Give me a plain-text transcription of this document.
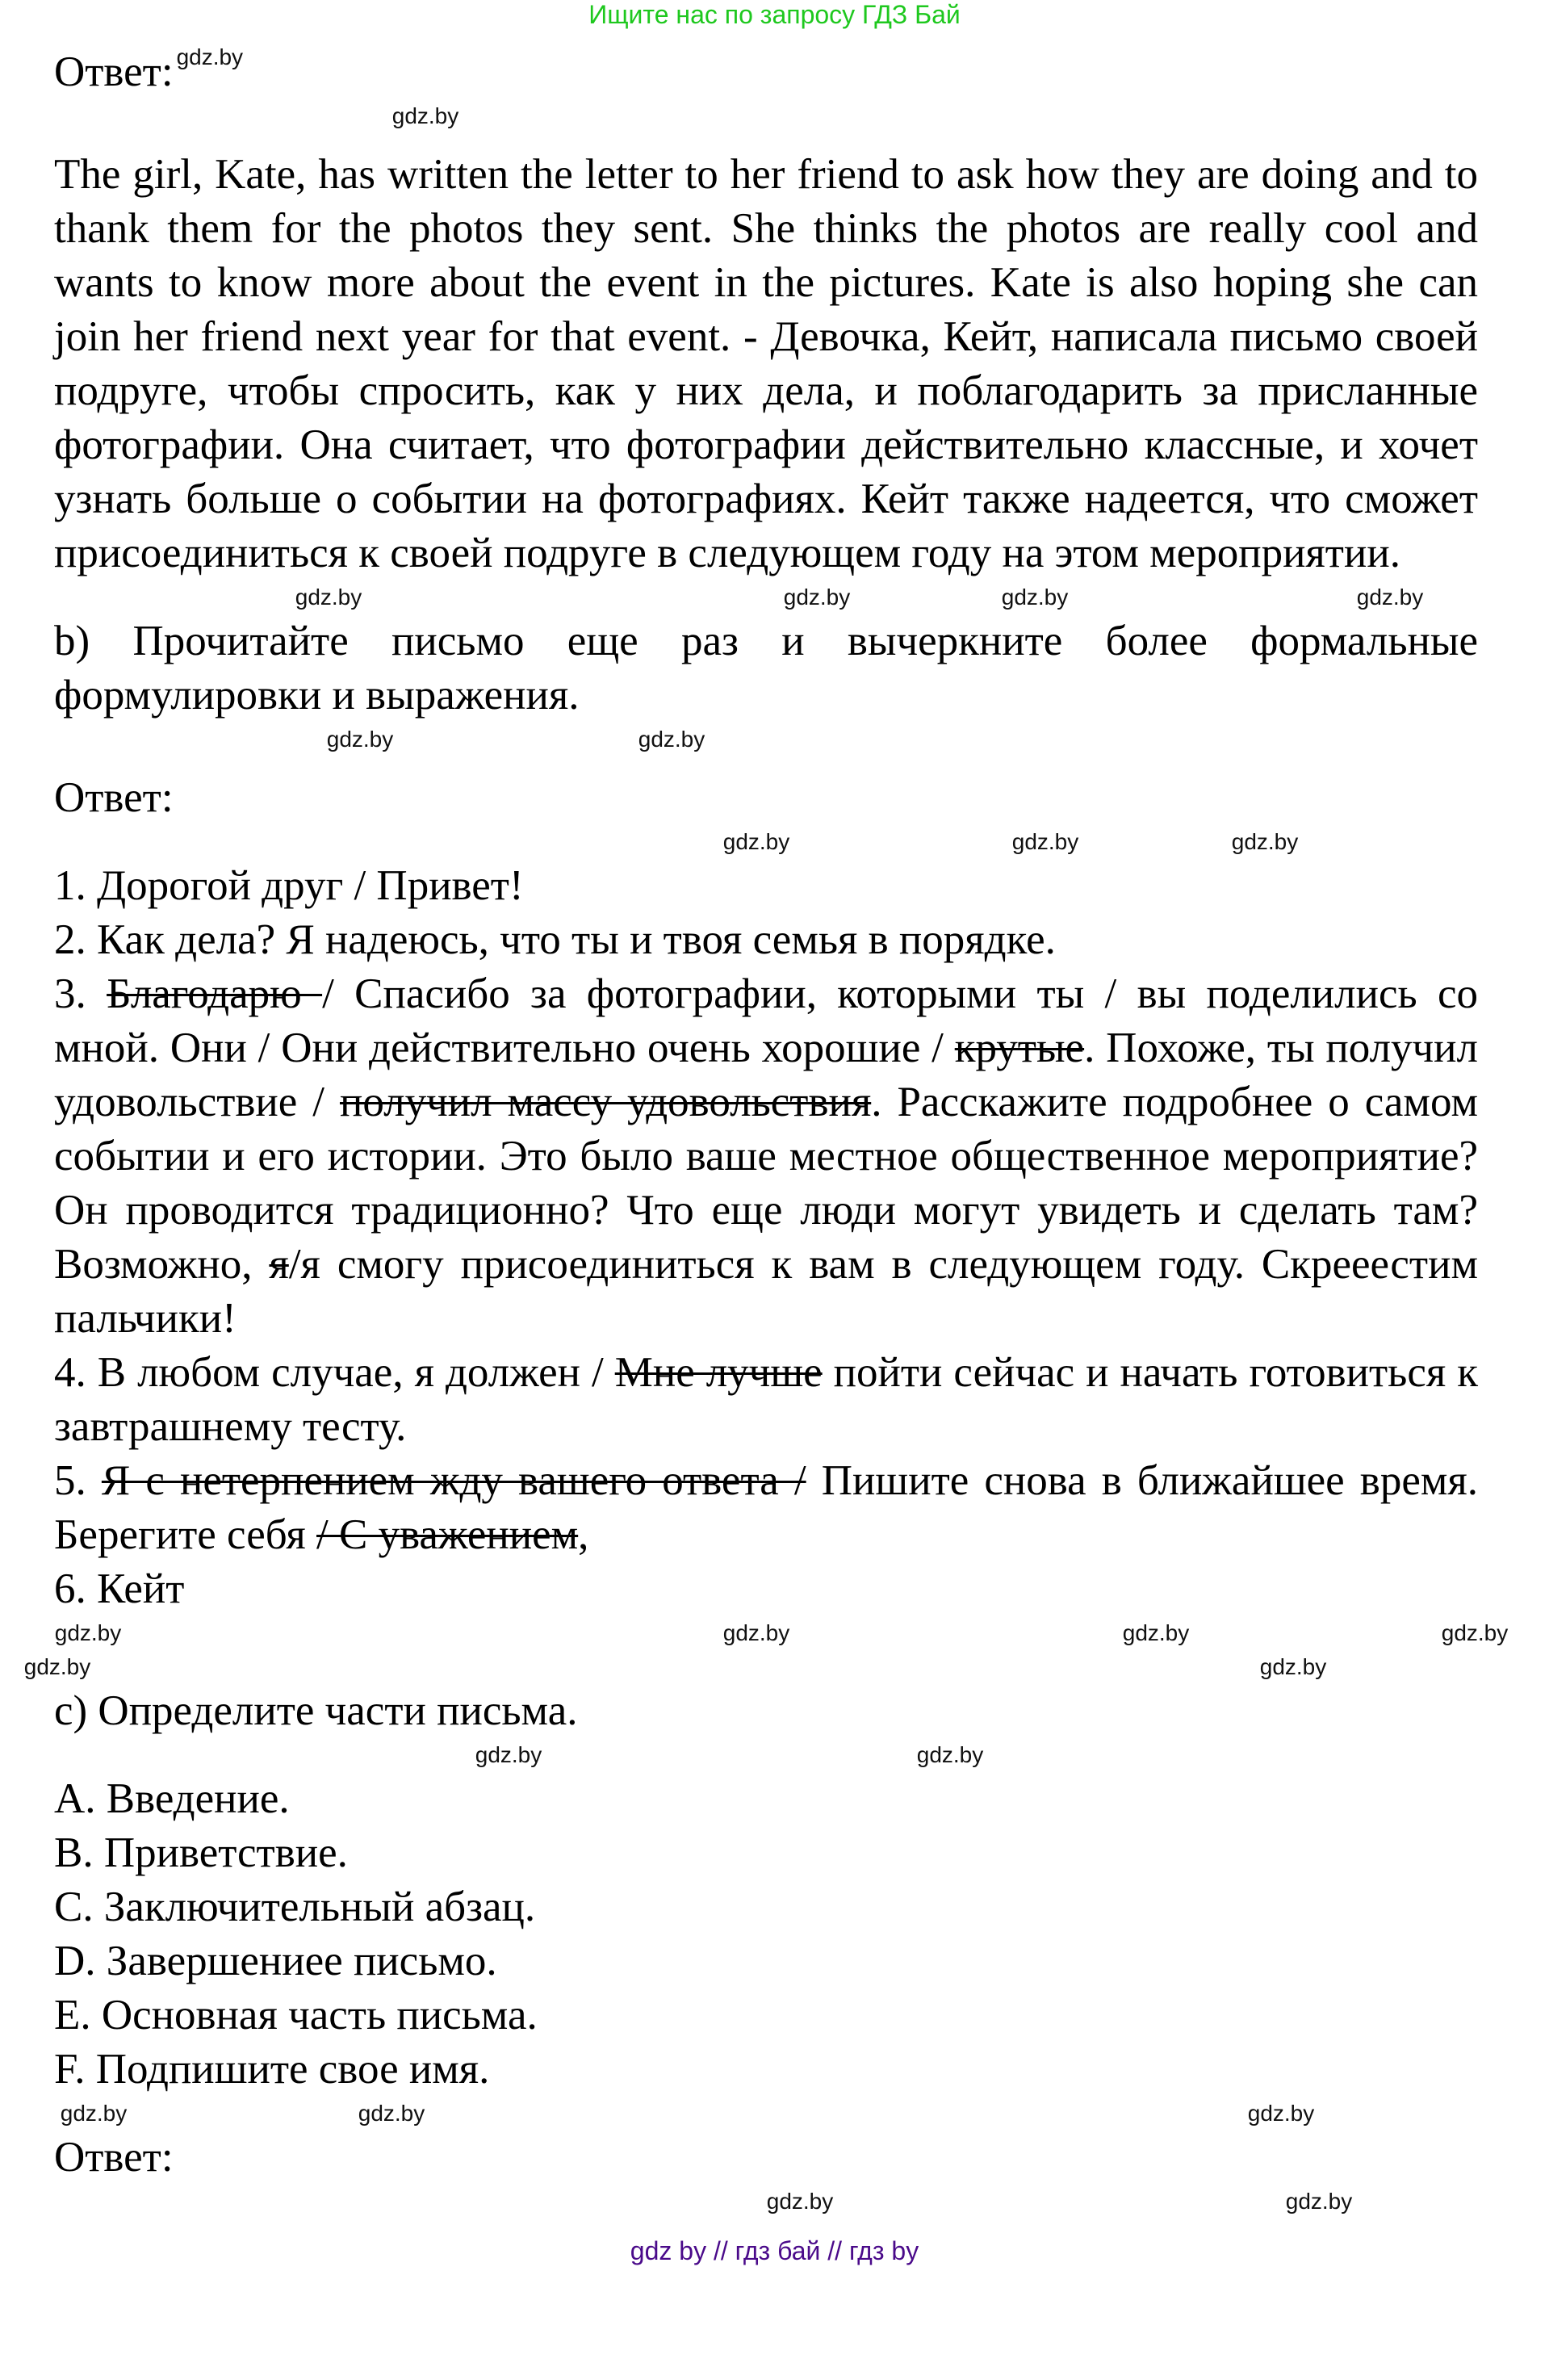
Ищите нас по запросу ГДЗ Бай
Ответ: $^{gdz.by}$
gdz.by
The girl, Kate, has written the letter to her friend to ask how they are doing and to thank them for the photos they sent. She thinks the photos are really cool and wants to know more about the event in the pictures. Kate is also hoping she can join her friend next year for that event. - Девочка, Кейт, написала письмо своей подруге, чтобы спросить, как у них дела, и поблагодарить за присланные фотографии. Она считает, что фотографии действительно классные, и хочет узнать больше о событии на фотографиях. Кейт также надеется, что сможет присоединиться к своей подруге в следующем году на этом мероприятии.
gdz.by	gdz.by	gdz.by	gdz.by
b) Прочитайте письмо еще раз и вычеркните более формальные формулировки и выражения.
gdz.by	gdz.by
Ответ:
gdz.by	gdz.by	gdz.by

1. Дорогой друг / Привет!

2. Как дела? Я надеюсь, что ты и твоя семья в порядке.

3. Благодарю / Спасибо за фотографии, которыми ты / вы поделились со мной. Они / Они действительно очень хорошие / крутые. Похоже, ты получил удовольствие / получил массу удовольствия. Расскажите подробнее о самом событии и его истории. Это было ваше местное общественное мероприятие? Он проводится традиционно? Что еще люди могут увидеть и сделать там? Возможно, я/я смогу присоединиться к вам в следующем году. Скрееестим пальчики!

4. В любом случае, я должен / Мне лучше пойти сейчас и начать готовиться к завтрашнему тесту.

5. Я с нетерпением жду вашего ответа / Пишите снова в ближайшее время. Берегите себя / С уважением,

6. Кейт

gdz.by	gdz.by	gdz.by	gdz.by
gdz.by	gdz.by
c) Определите части письма.
gdz.by	gdz.by

A. Введение.

B. Приветствие.

C. Заключительный абзац.

D. Завершениее письмо.

E. Основная часть письма.

F. Подпишите свое имя.

gdz.by	gdz.by	gdz.by
Ответ:
gdz.by	gdz.by
gdz by // гдз бай // гдз by
